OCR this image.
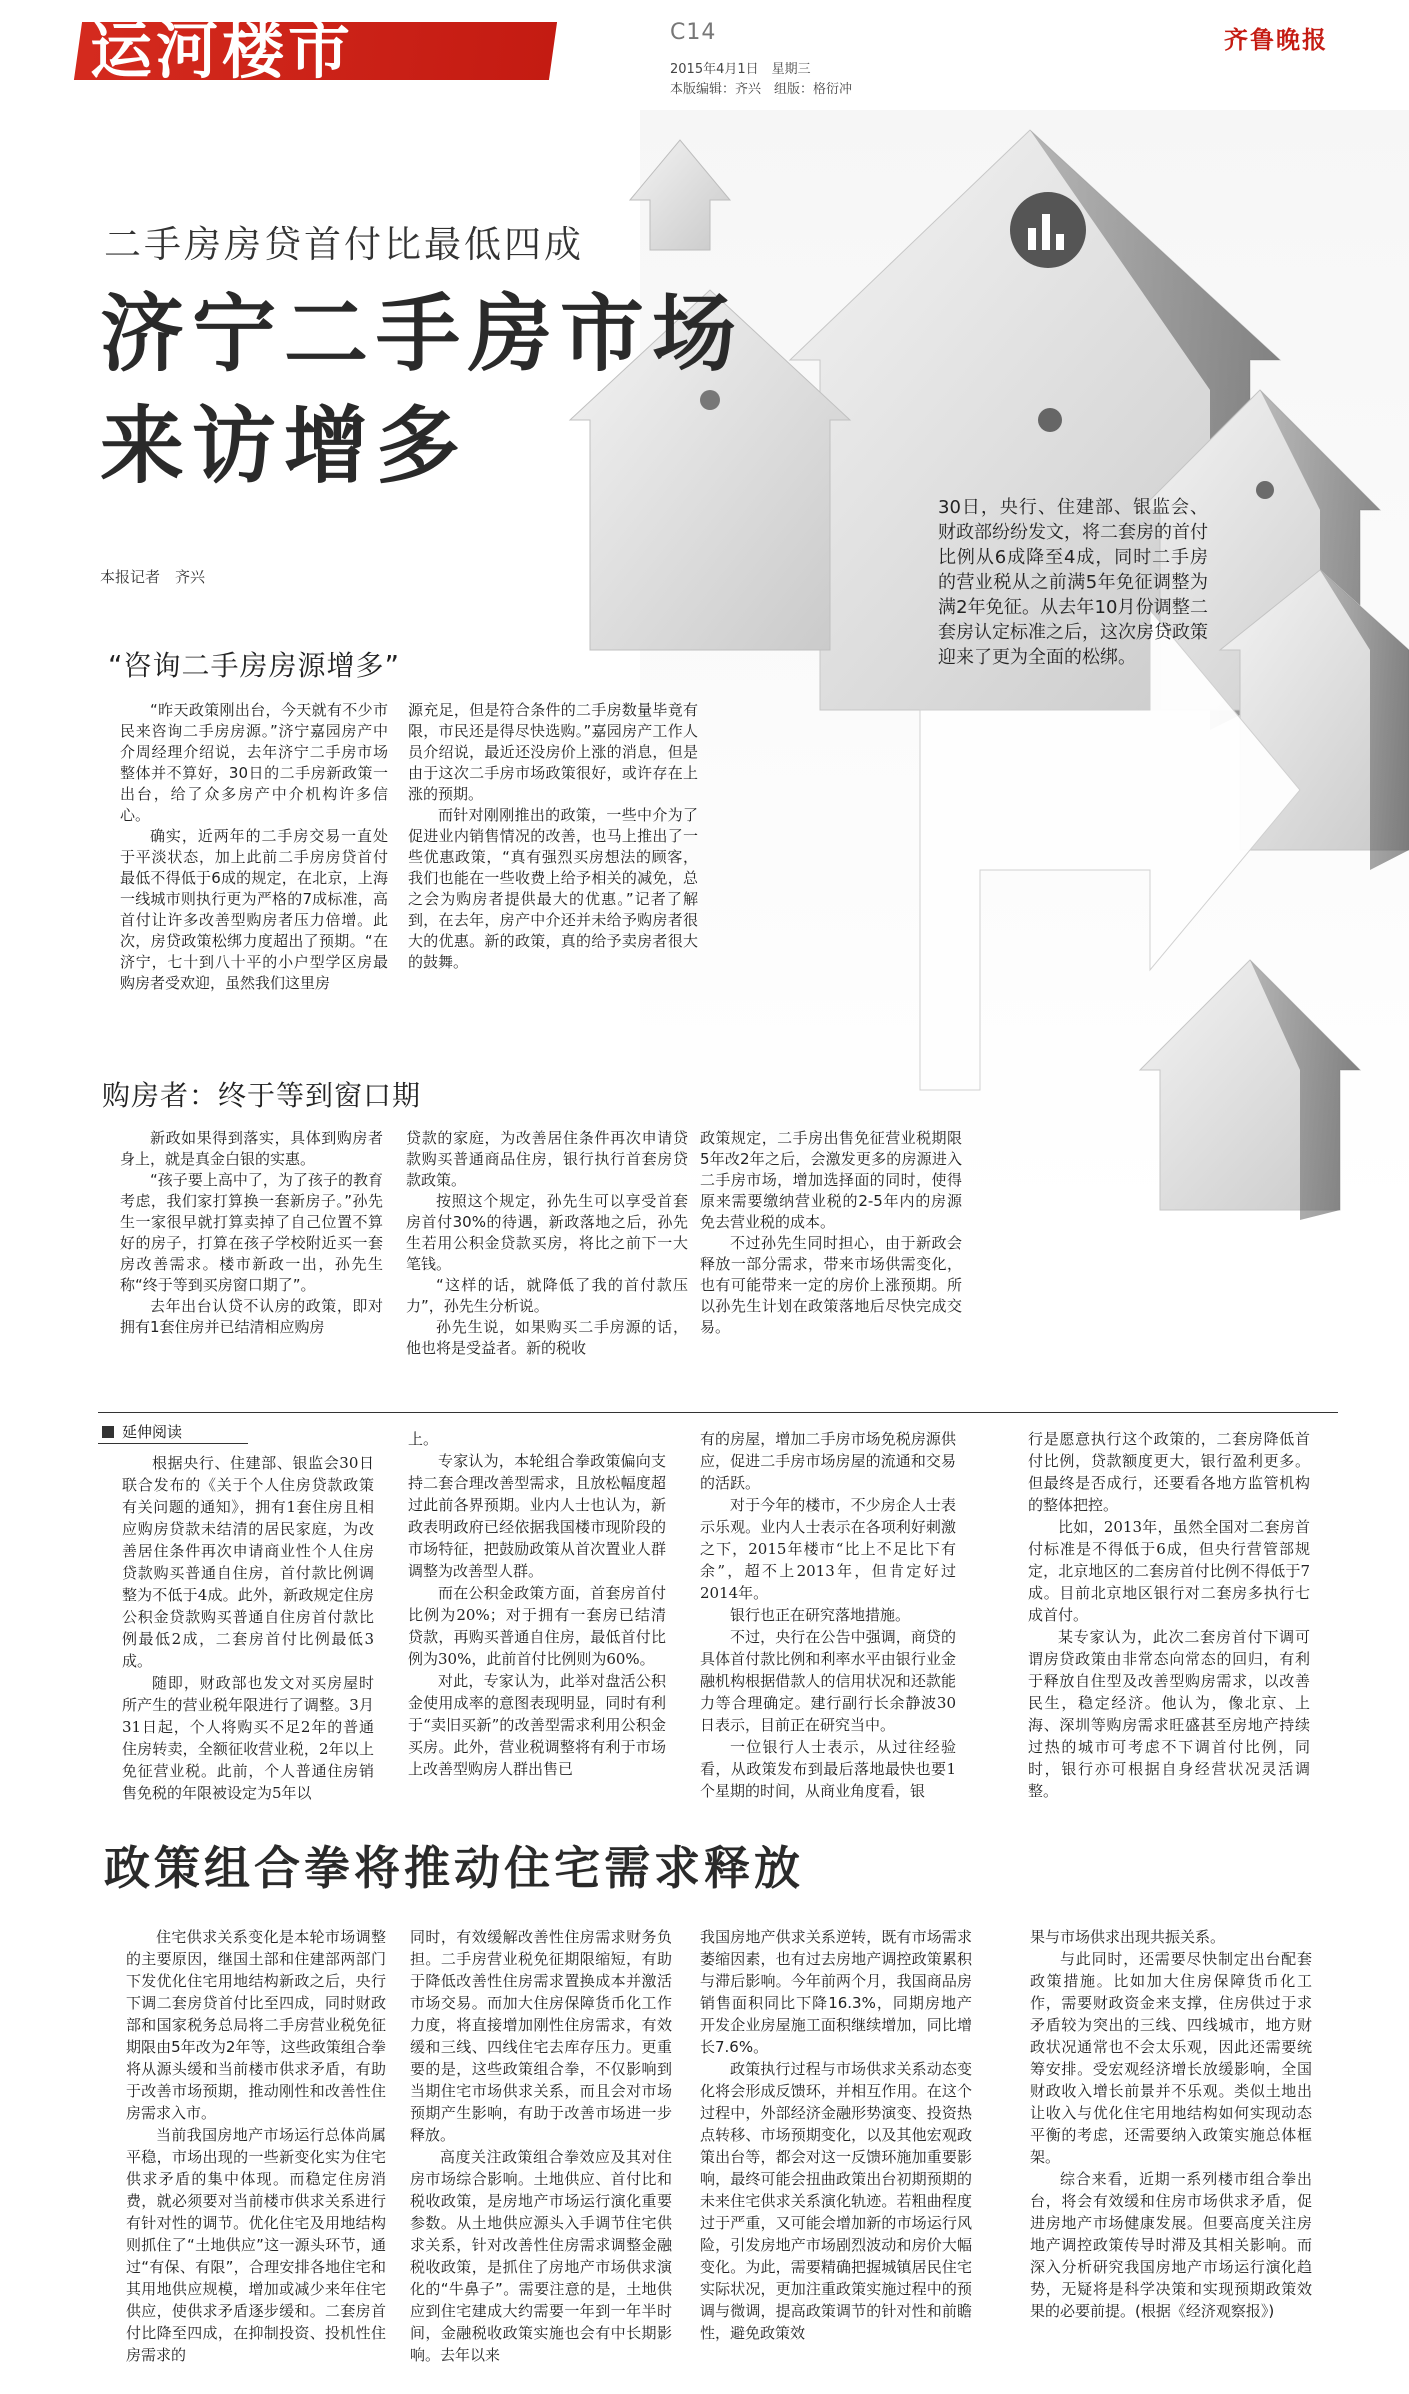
运河楼市	C14
2015年4月1日　星期三
本版编辑：齐兴　组版：格衍冲
齐鲁晚报
二手房房贷首付比最低四成
济宁二手房市场
来访增多
本报记者　齐兴
30日，央行、住建部、银监会、财政部纷纷发文，将二套房的首付比例从6成降至4成，同时二手房的营业税从之前满5年免征调整为满2年免征。从去年10月份调整二套房认定标准之后，这次房贷政策迎来了更为全面的松绑。
“咨询二手房房源增多”

“昨天政策刚出台，今天就有不少市民来咨询二手房房源。”济宁嘉园房产中介周经理介绍说，去年济宁二手房市场整体并不算好，30日的二手房新政策一出台，给了众多房产中介机构许多信心。

确实，近两年的二手房交易一直处于平淡状态，加上此前二手房房贷首付最低不得低于6成的规定，在北京，上海一线城市则执行更为严格的7成标准，高首付让许多改善型购房者压力倍增。此次，房贷政策松绑力度超出了预期。“在济宁，七十到八十平的小户型学区房最购房者受欢迎，虽然我们这里房

源充足，但是符合条件的二手房数量毕竟有限，市民还是得尽快选购。”嘉园房产工作人员介绍说，最近还没房价上涨的消息，但是由于这次二手房市场政策很好，或许存在上涨的预期。

而针对刚刚推出的政策，一些中介为了促进业内销售情况的改善，也马上推出了一些优惠政策，“真有强烈买房想法的顾客，我们也能在一些收费上给予相关的减免，总之会为购房者提供最大的优惠。”记者了解到，在去年，房产中介还并未给予购房者很大的优惠。新的政策，真的给予卖房者很大的鼓舞。

购房者：终于等到窗口期

新政如果得到落实，具体到购房者身上，就是真金白银的实惠。

“孩子要上高中了，为了孩子的教育考虑，我们家打算换一套新房子。”孙先生一家很早就打算卖掉了自己位置不算好的房子，打算在孩子学校附近买一套房改善需求。楼市新政一出，孙先生称“终于等到买房窗口期了”。

去年出台认贷不认房的政策，即对拥有1套住房并已结清相应购房

贷款的家庭，为改善居住条件再次申请贷款购买普通商品住房，银行执行首套房贷款政策。

按照这个规定，孙先生可以享受首套房首付30%的待遇，新政落地之后，孙先生若用公积金贷款买房，将比之前下一大笔钱。

“这样的话，就降低了我的首付款压力”，孙先生分析说。

孙先生说，如果购买二手房源的话，他也将是受益者。新的税收

政策规定，二手房出售免征营业税期限5年改2年之后，会激发更多的房源进入二手房市场，增加选择面的同时，使得原来需要缴纳营业税的2-5年内的房源免去营业税的成本。

不过孙先生同时担心，由于新政会释放一部分需求，带来市场供需变化，也有可能带来一定的房价上涨预期。所以孙先生计划在政策落地后尽快完成交易。

延伸阅读

根据央行、住建部、银监会30日联合发布的《关于个人住房贷款政策有关问题的通知》，拥有1套住房且相应购房贷款未结清的居民家庭，为改善居住条件再次申请商业性个人住房贷款购买普通自住房，首付款比例调整为不低于4成。此外，新政规定住房公积金贷款购买普通自住房首付款比例最低2成，二套房首付比例最低3成。

随即，财政部也发文对买房屋时所产生的营业税年限进行了调整。3月31日起，个人将购买不足2年的普通住房转卖，全额征收营业税，2年以上免征营业税。此前，个人普通住房销售免税的年限被设定为5年以

上。

专家认为，本轮组合拳政策偏向支持二套合理改善型需求，且放松幅度超过此前各界预期。业内人士也认为，新政表明政府已经依据我国楼市现阶段的市场特征，把鼓励政策从首次置业人群调整为改善型人群。

而在公积金政策方面，首套房首付比例为20%；对于拥有一套房已结清贷款，再购买普通自住房，最低首付比例为30%，此前首付比例则为60%。

对此，专家认为，此举对盘活公积金使用成率的意图表现明显，同时有利于“卖旧买新”的改善型需求利用公积金买房。此外，营业税调整将有利于市场上改善型购房人群出售已

有的房屋，增加二手房市场免税房源供应，促进二手房市场房屋的流通和交易的活跃。

对于今年的楼市，不少房企人士表示乐观。业内人士表示在各项利好刺激之下，2015年楼市“比上不足比下有余”，超不上2013年，但肯定好过2014年。

银行也正在研究落地措施。

不过，央行在公告中强调，商贷的具体首付款比例和利率水平由银行业金融机构根据借款人的信用状况和还款能力等合理确定。建行副行长余静波30日表示，目前正在研究当中。

一位银行人士表示，从过往经验看，从政策发布到最后落地最快也要1个星期的时间，从商业角度看，银

行是愿意执行这个政策的，二套房降低首付比例，贷款额度更大，银行盈利更多。但最终是否成行，还要看各地方监管机构的整体把控。

比如，2013年，虽然全国对二套房首付标准是不得低于6成，但央行营管部规定，北京地区的二套房首付比例不得低于7成。目前北京地区银行对二套房多执行七成首付。

某专家认为，此次二套房首付下调可谓房贷政策由非常态向常态的回归，有利于释放自住型及改善型购房需求，以改善民生，稳定经济。他认为，像北京、上海、深圳等购房需求旺盛甚至房地产持续过热的城市可考虑不下调首付比例，同时，银行亦可根据自身经营状况灵活调整。

政策组合拳将推动住宅需求释放

住宅供求关系变化是本轮市场调整的主要原因，继国土部和住建部两部门下发优化住宅用地结构新政之后，央行下调二套房贷首付比至四成，同时财政部和国家税务总局将二手房营业税免征期限由5年改为2年等，这些政策组合拳将从源头缓和当前楼市供求矛盾，有助于改善市场预期，推动刚性和改善性住房需求入市。

当前我国房地产市场运行总体尚属平稳，市场出现的一些新变化实为住宅供求矛盾的集中体现。而稳定住房消费，就必须要对当前楼市供求关系进行有针对性的调节。优化住宅及用地结构则抓住了“土地供应”这一源头环节，通过“有保、有限”，合理安排各地住宅和其用地供应规模，增加或减少来年住宅供应，使供求矛盾逐步缓和。二套房首付比降至四成，在抑制投资、投机性住房需求的

同时，有效缓解改善性住房需求财务负担。二手房营业税免征期限缩短，有助于降低改善性住房需求置换成本并激活市场交易。而加大住房保障货币化工作力度，将直接增加刚性住房需求，有效缓和三线、四线住宅去库存压力。更重要的是，这些政策组合拳，不仅影响到当期住宅市场供求关系，而且会对市场预期产生影响，有助于改善市场进一步释放。

高度关注政策组合拳效应及其对住房市场综合影响。土地供应、首付比和税收政策，是房地产市场运行演化重要参数。从土地供应源头入手调节住宅供求关系，针对改善性住房需求调整金融税收政策，是抓住了房地产市场供求演化的“牛鼻子”。需要注意的是，土地供应到住宅建成大约需要一年到一年半时间，金融税收政策实施也会有中长期影响。去年以来

我国房地产供求关系逆转，既有市场需求萎缩因素，也有过去房地产调控政策累积与滞后影响。今年前两个月，我国商品房销售面积同比下降16.3%，同期房地产开发企业房屋施工面积继续增加，同比增长7.6%。

政策执行过程与市场供求关系动态变化将会形成反馈环，并相互作用。在这个过程中，外部经济金融形势演变、投资热点转移、市场预期变化，以及其他宏观政策出台等，都会对这一反馈环施加重要影响，最终可能会扭曲政策出台初期预期的未来住宅供求关系演化轨迹。若粗曲程度过于严重，又可能会增加新的市场运行风险，引发房地产市场剧烈波动和房价大幅变化。为此，需要精确把握城镇居民住宅实际状况，更加注重政策实施过程中的预调与微调，提高政策调节的针对性和前瞻性，避免政策效

果与市场供求出现共振关系。

与此同时，还需要尽快制定出台配套政策措施。比如加大住房保障货币化工作，需要财政资金来支撑，住房供过于求矛盾较为突出的三线、四线城市，地方财政状况通常也不会太乐观，因此还需要统筹安排。受宏观经济增长放缓影响，全国财政收入增长前景并不乐观。类似土地出让收入与优化住宅用地结构如何实现动态平衡的考虑，还需要纳入政策实施总体框架。

综合来看，近期一系列楼市组合拳出台，将会有效缓和住房市场供求矛盾，促进房地产市场健康发展。但要高度关注房地产调控政策传导时滞及其相关影响。而深入分析研究我国房地产市场运行演化趋势，无疑将是科学决策和实现预期政策效果的必要前提。(根据《经济观察报》)
